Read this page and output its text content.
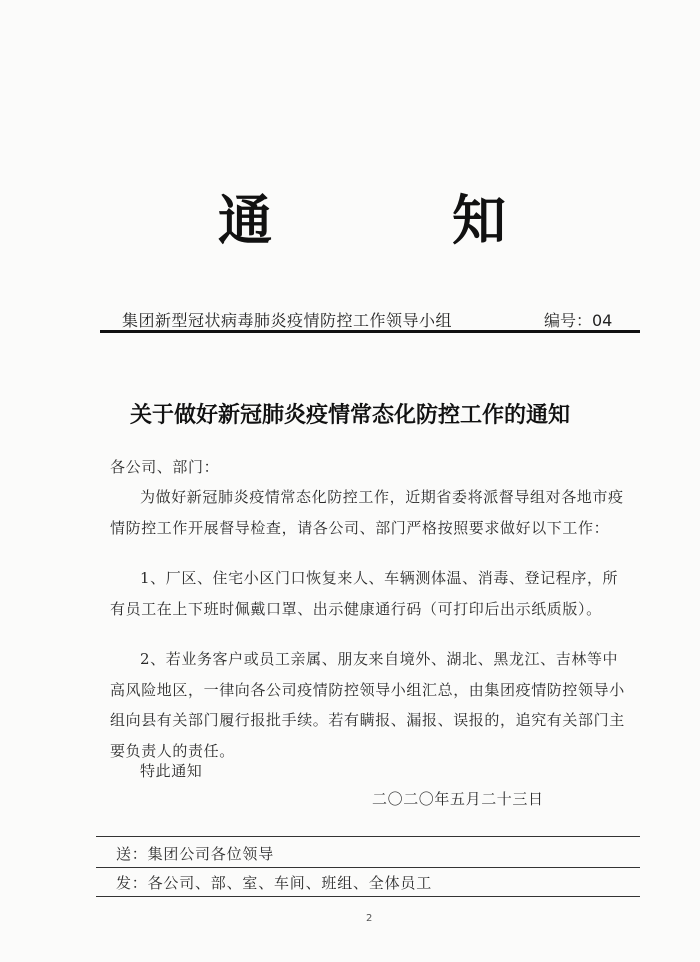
通	知
集团新型冠状病毒肺炎疫情防控工作领导小组	编号：04
关于做好新冠肺炎疫情常态化防控工作的通知
各公司、部门：

为做好新冠肺炎疫情常态化防控工作，近期省委将派督导组对各地市疫情防控工作开展督导检查，请各公司、部门严格按照要求做好以下工作：

1、厂区、住宅小区门口恢复来人、车辆测体温、消毒、登记程序，所有员工在上下班时佩戴口罩、出示健康通行码（可打印后出示纸质版）。

2、若业务客户或员工亲属、朋友来自境外、湖北、黑龙江、吉林等中高风险地区，一律向各公司疫情防控领导小组汇总，由集团疫情防控领导小组向县有关部门履行报批手续。若有瞒报、漏报、误报的，追究有关部门主要负责人的责任。

特此通知

二〇二〇年五月二十三日
送：集团公司各位领导
发：各公司、部、室、车间、班组、全体员工
2
